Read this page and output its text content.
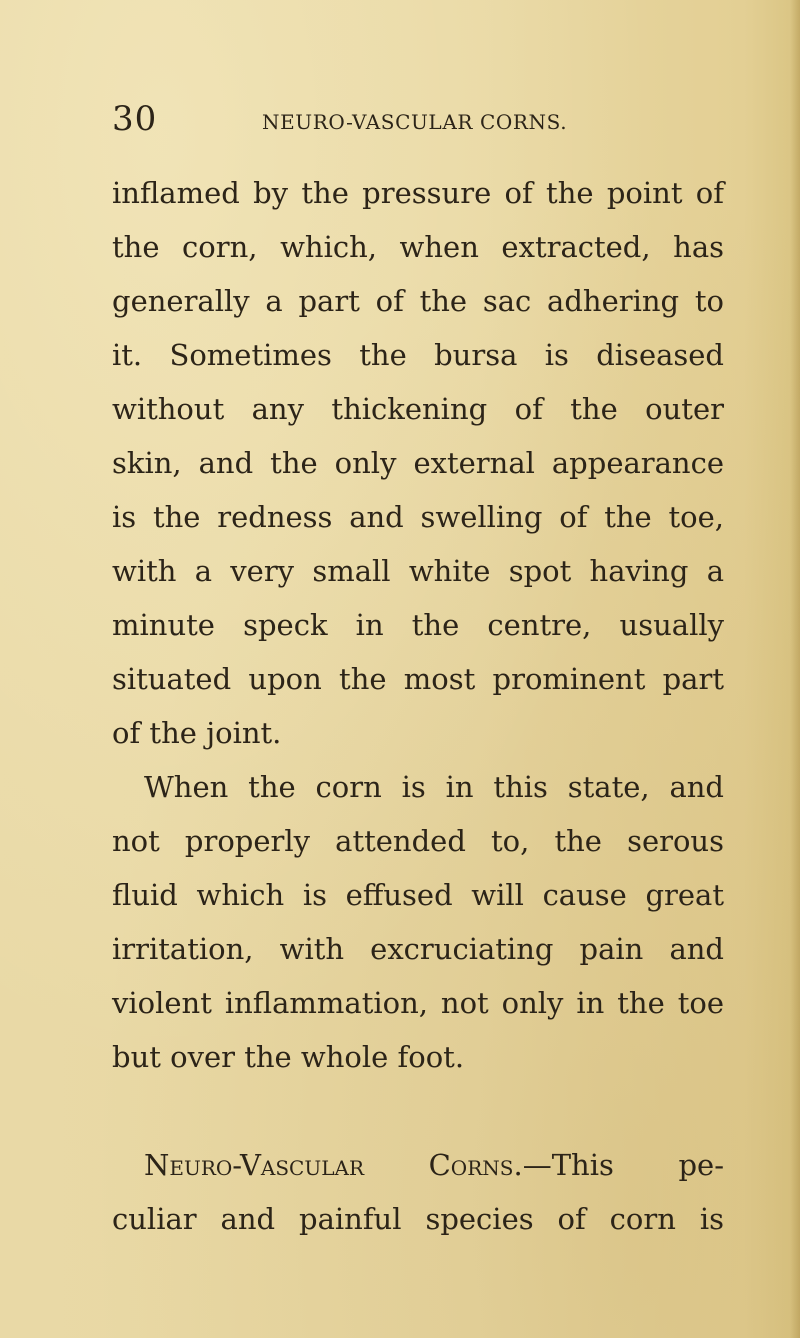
30	NEURO-VASCULAR CORNS.
inflamed by the pressure of the point of
the corn, which, when extracted, has
generally a part of the sac adhering to
it. Sometimes the bursa is diseased
without any thickening of the outer
skin, and the only external appearance
is the redness and swelling of the toe,
with a very small white spot having a
minute speck in the centre, usually
situated upon the most prominent part
of the joint.
When the corn is in this state, and
not properly attended to, the serous
fluid which is effused will cause great
irritation, with excruciating pain and
violent inflammation, not only in the toe
but over the whole foot.
Neuro-Vascular Corns.—This pe-
culiar and painful species of corn is
